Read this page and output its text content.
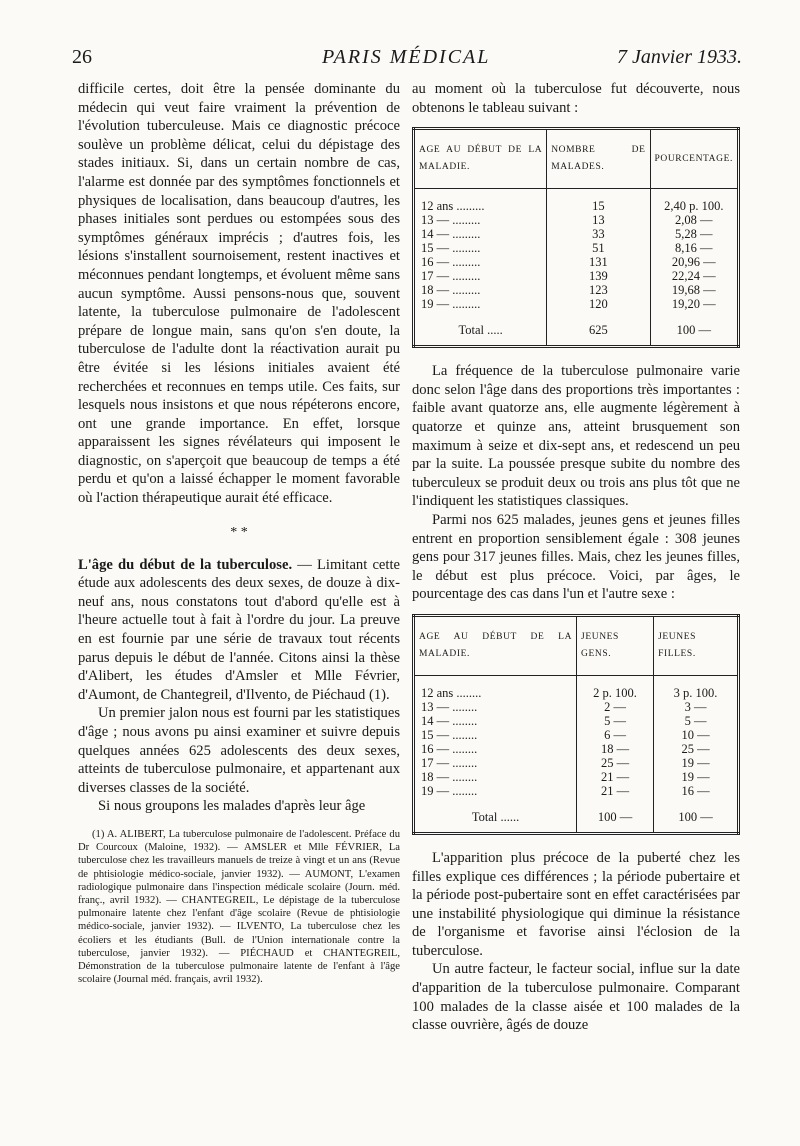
26	PARIS MÉDICAL	7 Janvier 1933.

difficile certes, doit être la pensée dominante du médecin qui veut faire vraiment la prévention de l'évolution tuberculeuse. Mais ce diagnostic précoce soulève un problème délicat, celui du dépistage des stades initiaux. Si, dans un certain nombre de cas, l'alarme est donnée par des symptômes fonctionnels et physiques de localisation, dans beaucoup d'autres, les phases initiales sont perdues ou estompées sous des symptômes généraux imprécis ; d'autres fois, les lésions s'installent sournoisement, restent inactives et méconnues pendant longtemps, et évoluent même sans aucun symptôme. Aussi pensons-nous que, souvent latente, la tuberculose pulmonaire de l'adolescent prépare de longue main, sans qu'on s'en doute, la tuberculose de l'adulte dont la réactivation aurait pu être évitée si les lésions initiales avaient été recherchées et reconnues en temps utile. Ces faits, sur lesquels nous insistons et que nous répéterons encore, ont une grande importance. En effet, lorsque apparaissent les signes révélateurs qui imposent le diagnostic, on s'aperçoit que beaucoup de temps a été perdu et qu'on a laissé échapper le moment favorable où l'action thérapeutique aurait été efficace.

* *

L'âge du début de la tuberculose. — Limitant cette étude aux adolescents des deux sexes, de douze à dix-neuf ans, nous constatons tout d'abord qu'elle est à l'heure actuelle tout à fait à l'ordre du jour. La preuve en est fournie par une série de travaux tout récents parus depuis le début de l'année. Citons ainsi la thèse d'Alibert, les études d'Amsler et Mlle Février, d'Aumont, de Chantegreil, d'Ilvento, de Piéchaud (1).

Un premier jalon nous est fourni par les statistiques d'âge ; nous avons pu ainsi examiner et suivre depuis quelques années 625 adolescents des deux sexes, atteints de tuberculose pulmonaire, et appartenant aux diverses classes de la société.

Si nous groupons les malades d'après leur âge

(1) A. ALIBERT, La tuberculose pulmonaire de l'adolescent. Préface du Dr Courcoux (Maloine, 1932). — AMSLER et Mlle FÉVRIER, La tuberculose chez les travailleurs manuels de treize à vingt et un ans (Revue de phtisiologie médico-sociale, janvier 1932). — AUMONT, L'examen radiologique pulmonaire dans l'inspection médicale scolaire (Journ. méd. franç., avril 1932). — CHANTEGREIL, Le dépistage de la tuberculose pulmonaire latente chez l'enfant d'âge scolaire (Revue de phtisiologie médico-sociale, janvier 1932). — ILVENTO, La tuberculose chez les écoliers et les étudiants (Bull. de l'Union internationale contre la tuberculose, janvier 1932). — PIÉCHAUD et CHANTEGREIL, Démonstration de la tuberculose pulmonaire latente de l'enfant à l'âge scolaire (Journal méd. français, avril 1932).

au moment où la tuberculose fut découverte, nous obtenons le tableau suivant :

AGE AU DÉBUT DE LA MALADIE.	NOMBRE DE MALADES.	POURCENTAGE.
12 ans .........	15	2,40 p. 100.
13 — .........	13	2,08 —
14 — .........	33	5,28 —
15 — .........	51	8,16 —
16 — .........	131	20,96 —
17 — .........	139	22,24 —
18 — .........	123	19,68 —
19 — .........	120	19,20 —
Total .....	625	100 —

La fréquence de la tuberculose pulmonaire varie donc selon l'âge dans des proportions très importantes : faible avant quatorze ans, elle augmente légèrement à quatorze et quinze ans, atteint brusquement son maximum à seize et dix-sept ans, et redescend un peu par la suite. La poussée presque subite du nombre des tuberculeux se produit deux ou trois ans plus tôt que ne l'indiquent les statistiques classiques.

Parmi nos 625 malades, jeunes gens et jeunes filles entrent en proportion sensiblement égale : 308 jeunes gens pour 317 jeunes filles. Mais, chez les jeunes filles, le début est plus précoce. Voici, par âges, le pourcentage des cas dans l'un et l'autre sexe :

AGE AU DÉBUT DE LA MALADIE.	JEUNES GENS.	JEUNES FILLES.
12 ans ........	2 p. 100.	3 p. 100.
13 — ........	2 —	3 —
14 — ........	5 —	5 —
15 — ........	6 —	10 —
16 — ........	18 —	25 —
17 — ........	25 —	19 —
18 — ........	21 —	19 —
19 — ........	21 —	16 —
Total ......	100 —	100 —

L'apparition plus précoce de la puberté chez les filles explique ces différences ; la période pubertaire et la période post-pubertaire sont en effet caractérisées par une instabilité physiologique qui diminue la résistance de l'organisme et favorise ainsi l'éclosion de la tuberculose.

Un autre facteur, le facteur social, influe sur la date d'apparition de la tuberculose pulmonaire. Comparant 100 malades de la classe aisée et 100 malades de la classe ouvrière, âgés de douze
